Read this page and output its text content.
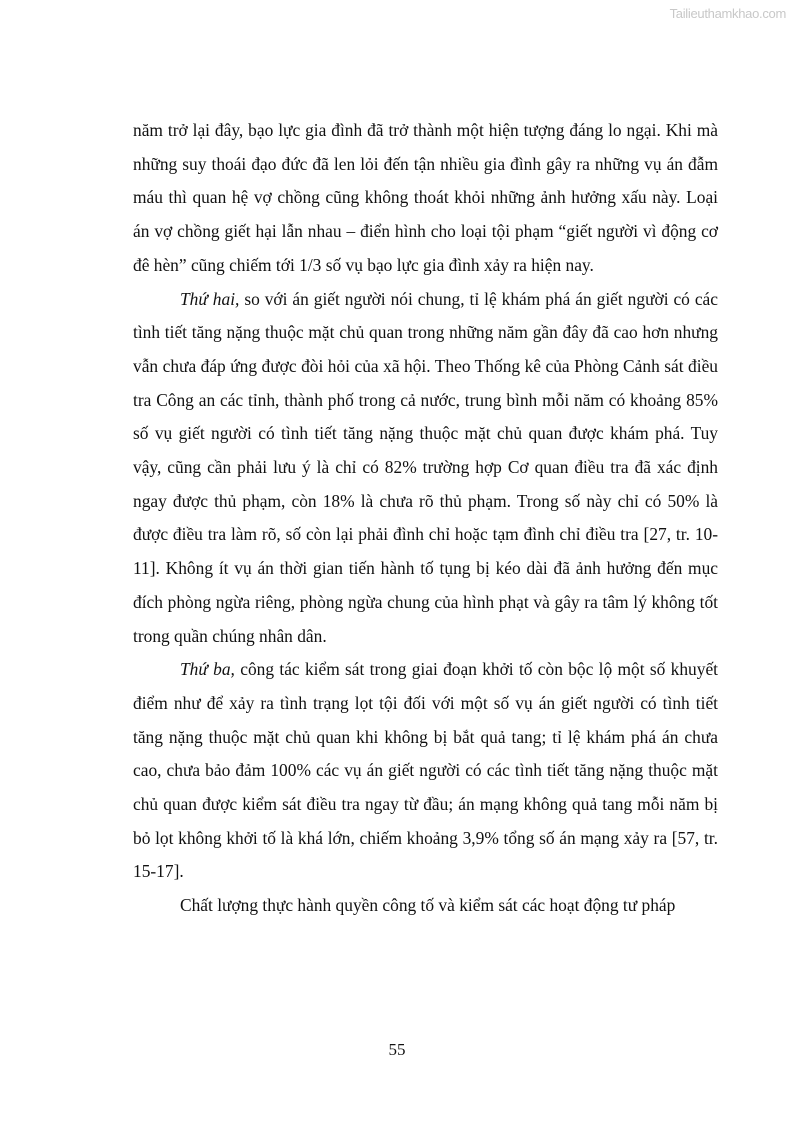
Tailieuthamkhao.com

năm trở lại đây, bạo lực gia đình đã trở thành một hiện tượng đáng lo ngại. Khi mà những suy thoái đạo đức đã len lỏi đến tận nhiều gia đình gây ra những vụ án đẫm máu thì quan hệ vợ chồng cũng không thoát khỏi những ảnh hưởng xấu này. Loại án vợ chồng giết hại lẫn nhau – điển hình cho loại tội phạm “giết người vì động cơ đê hèn” cũng chiếm tới 1/3 số vụ bạo lực gia đình xảy ra hiện nay.

Thứ hai, so với án giết người nói chung, tỉ lệ khám phá án giết người có các tình tiết tăng nặng thuộc mặt chủ quan trong những năm gần đây đã cao hơn nhưng vẫn chưa đáp ứng được đòi hỏi của xã hội. Theo Thống kê của Phòng Cảnh sát điều tra Công an các tỉnh, thành phố trong cả nước, trung bình mỗi năm có khoảng 85% số vụ giết người có tình tiết tăng nặng thuộc mặt chủ quan được khám phá. Tuy vậy, cũng cần phải lưu ý là chỉ có 82% trường hợp Cơ quan điều tra đã xác định ngay được thủ phạm, còn 18% là chưa rõ thủ phạm. Trong số này chỉ có 50% là được điều tra làm rõ, số còn lại phải đình chỉ hoặc tạm đình chỉ điều tra [27, tr. 10-11]. Không ít vụ án thời gian tiến hành tố tụng bị kéo dài đã ảnh hưởng đến mục đích phòng ngừa riêng, phòng ngừa chung của hình phạt và gây ra tâm lý không tốt trong quần chúng nhân dân.

Thứ ba, công tác kiểm sát trong giai đoạn khởi tố còn bộc lộ một số khuyết điểm như để xảy ra tình trạng lọt tội đối với một số vụ án giết người có tình tiết tăng nặng thuộc mặt chủ quan khi không bị bắt quả tang; tỉ lệ khám phá án chưa cao, chưa bảo đảm 100% các vụ án giết người có các tình tiết tăng nặng thuộc mặt chủ quan được kiểm sát điều tra ngay từ đầu; án mạng không quả tang mỗi năm bị bỏ lọt không khởi tố là khá lớn, chiếm khoảng 3,9% tổng số án mạng xảy ra [57, tr. 15-17].

Chất lượng thực hành quyền công tố và kiểm sát các hoạt động tư pháp

55
